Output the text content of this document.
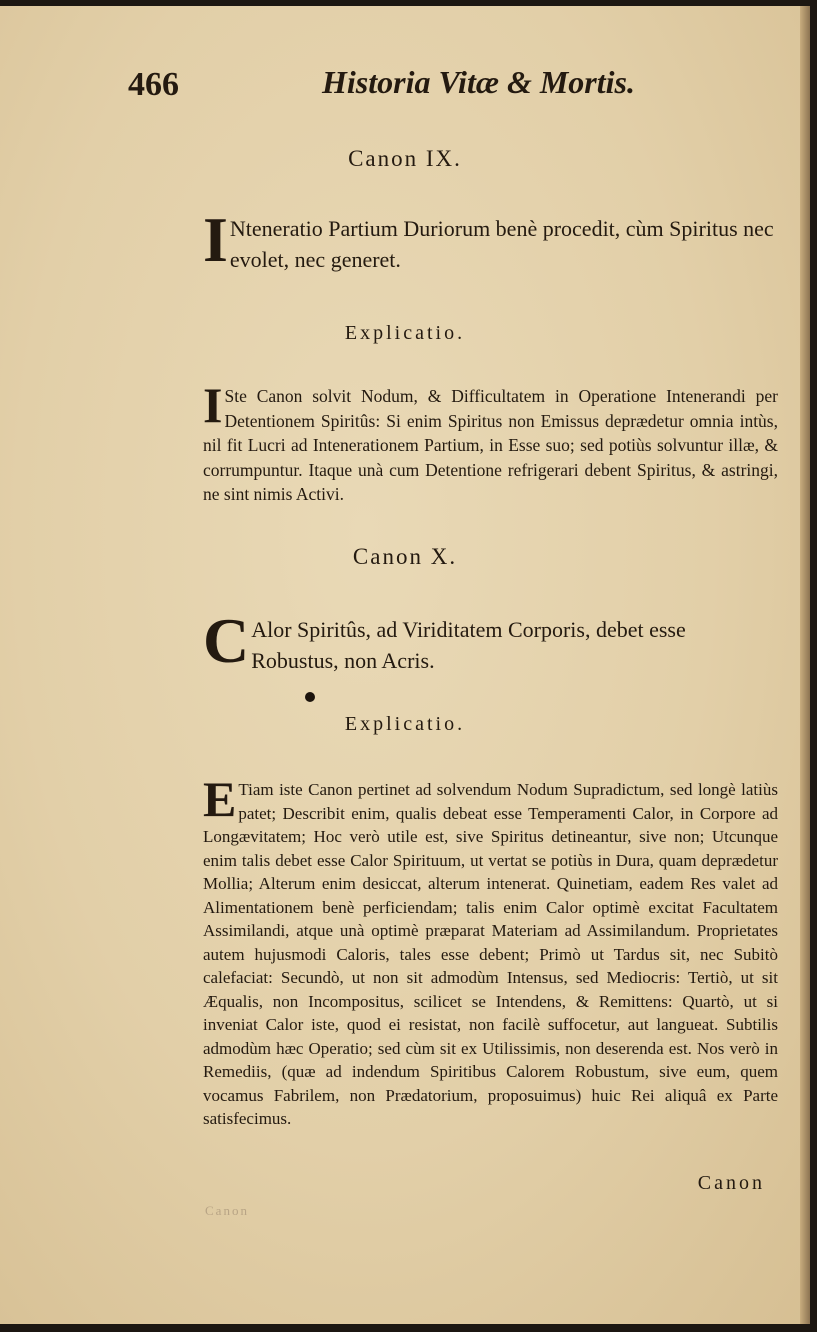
466	Historia Vitæ & Mortis.
Canon IX.
I Nteneratio Partium Duriorum benè procedit, cùm Spiritus nec evolet, nec generet.
Explicatio.
I Ste Canon solvit Nodum, & Difficultatem in Operatione Intenerandi per Detentionem Spiritûs: Si enim Spiritus non Emissus deprædetur omnia intùs, nil fit Lucri ad Intenerationem Partium, in Esse suo; sed potiùs solvuntur illæ, & corrumpuntur. Itaque unà cum Detentione refrigerari debent Spiritus, & astringi, ne sint nimis Activi.
Canon X.
C Alor Spiritûs, ad Viriditatem Corporis, debet esse Robustus, non Acris.
Explicatio.
E Tiam iste Canon pertinet ad solvendum Nodum Supradictum, sed longè latiùs patet; Describit enim, qualis debeat esse Temperamenti Calor, in Corpore ad Longævitatem; Hoc verò utile est, sive Spiritus detineantur, sive non; Utcunque enim talis debet esse Calor Spirituum, ut vertat se potiùs in Dura, quam deprædetur Mollia; Alterum enim desiccat, alterum intenerat. Quinetiam, eadem Res valet ad Alimentationem benè perficiendam; talis enim Calor optimè excitat Facultatem Assimilandi, atque unà optimè præparat Materiam ad Assimilandum. Proprietates autem hujusmodi Caloris, tales esse debent; Primò ut Tardus sit, nec Subitò calefaciat: Secundò, ut non sit admodùm Intensus, sed Mediocris: Tertiò, ut sit Æqualis, non Incompositus, scilicet se Intendens, & Remittens: Quartò, ut si inveniat Calor iste, quod ei resistat, non facilè suffocetur, aut langueat. Subtilis admodùm hæc Operatio; sed cùm sit ex Utilissimis, non deserenda est. Nos verò in Remediis, (quæ ad indendum Spiritibus Calorem Robustum, sive eum, quem vocamus Fabrilem, non Prædatorium, proposuimus) huic Rei aliquâ ex Parte satisfecimus.
Canon
Canon
